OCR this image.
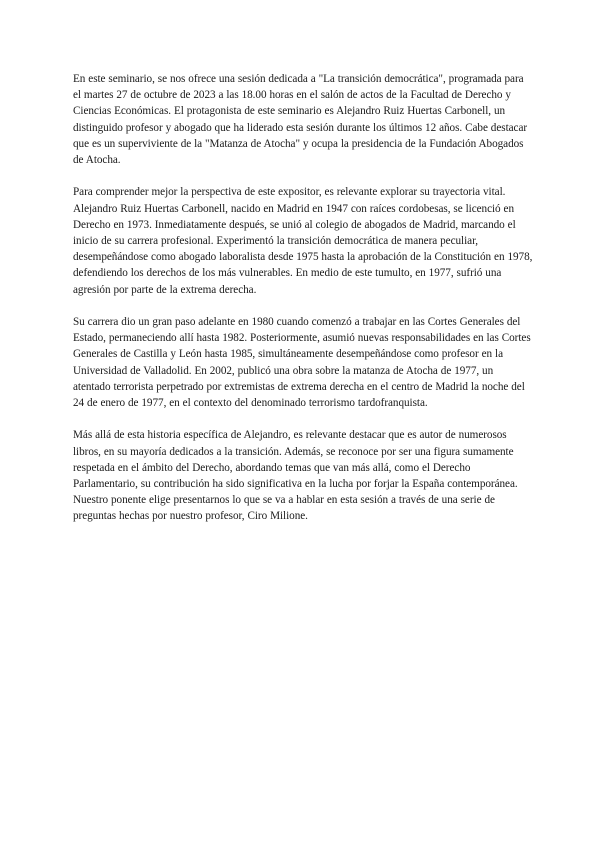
En este seminario, se nos ofrece una sesión dedicada a "La transición democrática", programada para el martes 27 de octubre de 2023 a las 18.00 horas en el salón de actos de la Facultad de Derecho y Ciencias Económicas. El protagonista de este seminario es Alejandro Ruiz Huertas Carbonell, un distinguido profesor y abogado que ha liderado esta sesión durante los últimos 12 años. Cabe destacar que es un superviviente de la "Matanza de Atocha" y ocupa la presidencia de la Fundación Abogados de Atocha.

Para comprender mejor la perspectiva de este expositor, es relevante explorar su trayectoria vital. Alejandro Ruiz Huertas Carbonell, nacido en Madrid en 1947 con raíces cordobesas, se licenció en Derecho en 1973. Inmediatamente después, se unió al colegio de abogados de Madrid, marcando el inicio de su carrera profesional. Experimentó la transición democrática de manera peculiar, desempeñándose como abogado laboralista desde 1975 hasta la aprobación de la Constitución en 1978, defendiendo los derechos de los más vulnerables. En medio de este tumulto, en 1977, sufrió una agresión por parte de la extrema derecha.

Su carrera dio un gran paso adelante en 1980 cuando comenzó a trabajar en las Cortes Generales del Estado, permaneciendo allí hasta 1982. Posteriormente, asumió nuevas responsabilidades en las Cortes Generales de Castilla y León hasta 1985, simultáneamente desempeñándose como profesor en la Universidad de Valladolid. En 2002, publicó una obra sobre la matanza de Atocha de 1977, un atentado terrorista perpetrado por extremistas de extrema derecha en el centro de Madrid la noche del 24 de enero de 1977, en el contexto del denominado terrorismo tardofranquista.

Más allá de esta historia específica de Alejandro, es relevante destacar que es autor de numerosos libros, en su mayoría dedicados a la transición. Además, se reconoce por ser una figura sumamente respetada en el ámbito del Derecho, abordando temas que van más allá, como el Derecho Parlamentario, su contribución ha sido significativa en la lucha por forjar la España contemporánea.

Nuestro ponente elige presentarnos lo que se va a hablar en esta sesión a través de una serie de preguntas hechas por nuestro profesor, Ciro Milione.
